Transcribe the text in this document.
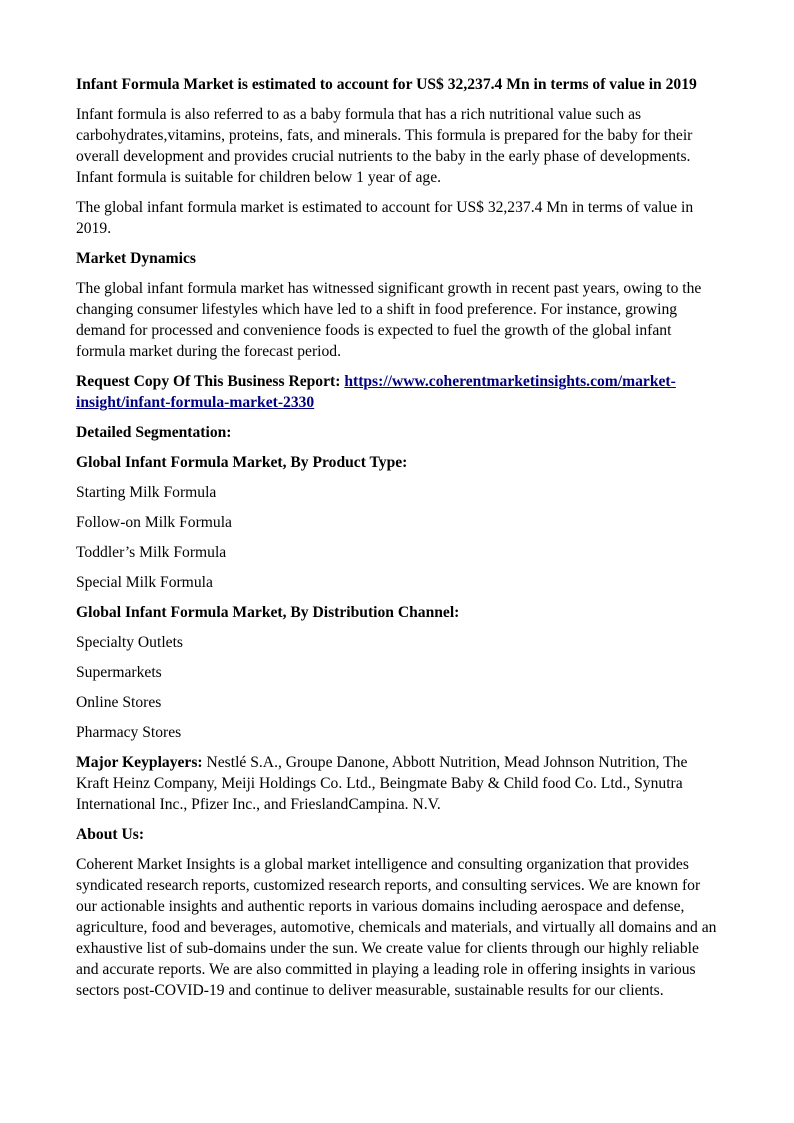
Infant Formula Market is estimated to account for US$ 32,237.4 Mn in terms of value in 2019

Infant formula is also referred to as a baby formula that has a rich nutritional value such as carbohydrates,vitamins, proteins, fats, and minerals. This formula is prepared for the baby for their overall development and provides crucial nutrients to the baby in the early phase of developments. Infant formula is suitable for children below 1 year of age.

The global infant formula market is estimated to account for US$ 32,237.4 Mn in terms of value in 2019.

Market Dynamics

The global infant formula market has witnessed significant growth in recent past years, owing to the changing consumer lifestyles which have led to a shift in food preference. For instance, growing demand for processed and convenience foods is expected to fuel the growth of the global infant formula market during the forecast period.

Request Copy Of This Business Report: https://www.coherentmarketinsights.com/market-insight/infant-formula-market-2330

Detailed Segmentation:

Global Infant Formula Market, By Product Type:

Starting Milk Formula

Follow-on Milk Formula

Toddler’s Milk Formula

Special Milk Formula

Global Infant Formula Market, By Distribution Channel:

Specialty Outlets

Supermarkets

Online Stores

Pharmacy Stores

Major Keyplayers: Nestlé S.A., Groupe Danone, Abbott Nutrition, Mead Johnson Nutrition, The Kraft Heinz Company, Meiji Holdings Co. Ltd., Beingmate Baby & Child food Co. Ltd., Synutra International Inc., Pfizer Inc., and FrieslandCampina. N.V.

About Us:

Coherent Market Insights is a global market intelligence and consulting organization that provides syndicated research reports, customized research reports, and consulting services. We are known for our actionable insights and authentic reports in various domains including aerospace and defense, agriculture, food and beverages, automotive, chemicals and materials, and virtually all domains and an exhaustive list of sub-domains under the sun. We create value for clients through our highly reliable and accurate reports. We are also committed in playing a leading role in offering insights in various sectors post-COVID-19 and continue to deliver measurable, sustainable results for our clients.
